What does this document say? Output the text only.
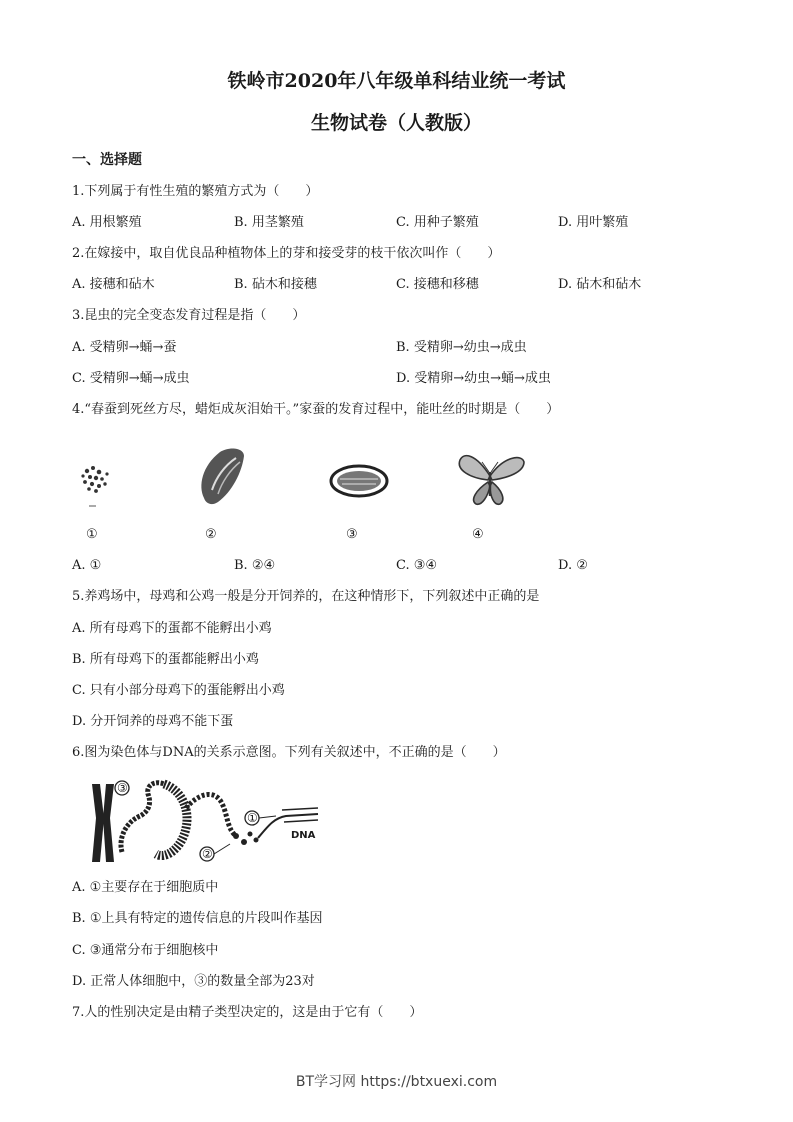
铁岭市2020年八年级单科结业统一考试
生物试卷（人教版）
一、选择题
1.下列属于有性生殖的繁殖方式为（　　）
A. 用根繁殖	B. 用茎繁殖	C. 用种子繁殖	D. 用叶繁殖
2.在嫁接中，取自优良品种植物体上的芽和接受芽的枝干依次叫作（　　）
A. 接穗和砧木	B. 砧木和接穗	C. 接穗和移穗	D. 砧木和砧木
3.昆虫的完全变态发育过程是指（　　）
A. 受精卵→蛹→蚕	B. 受精卵→幼虫→成虫
C. 受精卵→蛹→成虫	D. 受精卵→幼虫→蛹→成虫
4.“春蚕到死丝方尽，蜡炬成灰泪始干。”家蚕的发育过程中，能吐丝的时期是（　　）
①	②	③	④
A. ①	B. ②④	C. ③④	D. ②
5.养鸡场中，母鸡和公鸡一般是分开饲养的，在这种情形下，下列叙述中正确的是
A. 所有母鸡下的蛋都不能孵出小鸡
B. 所有母鸡下的蛋都能孵出小鸡
C. 只有小部分母鸡下的蛋能孵出小鸡
D. 分开饲养的母鸡不能下蛋
6.图为染色体与DNA的关系示意图。下列有关叙述中，不正确的是（　　）
③
①
②
DNA
A. ①主要存在于细胞质中
B. ①上具有特定的遗传信息的片段叫作基因
C. ③通常分布于细胞核中
D. 正常人体细胞中，③的数量全部为23对
7.人的性别决定是由精子类型决定的，这是由于它有（　　）
BT学习网 https://btxuexi.com
